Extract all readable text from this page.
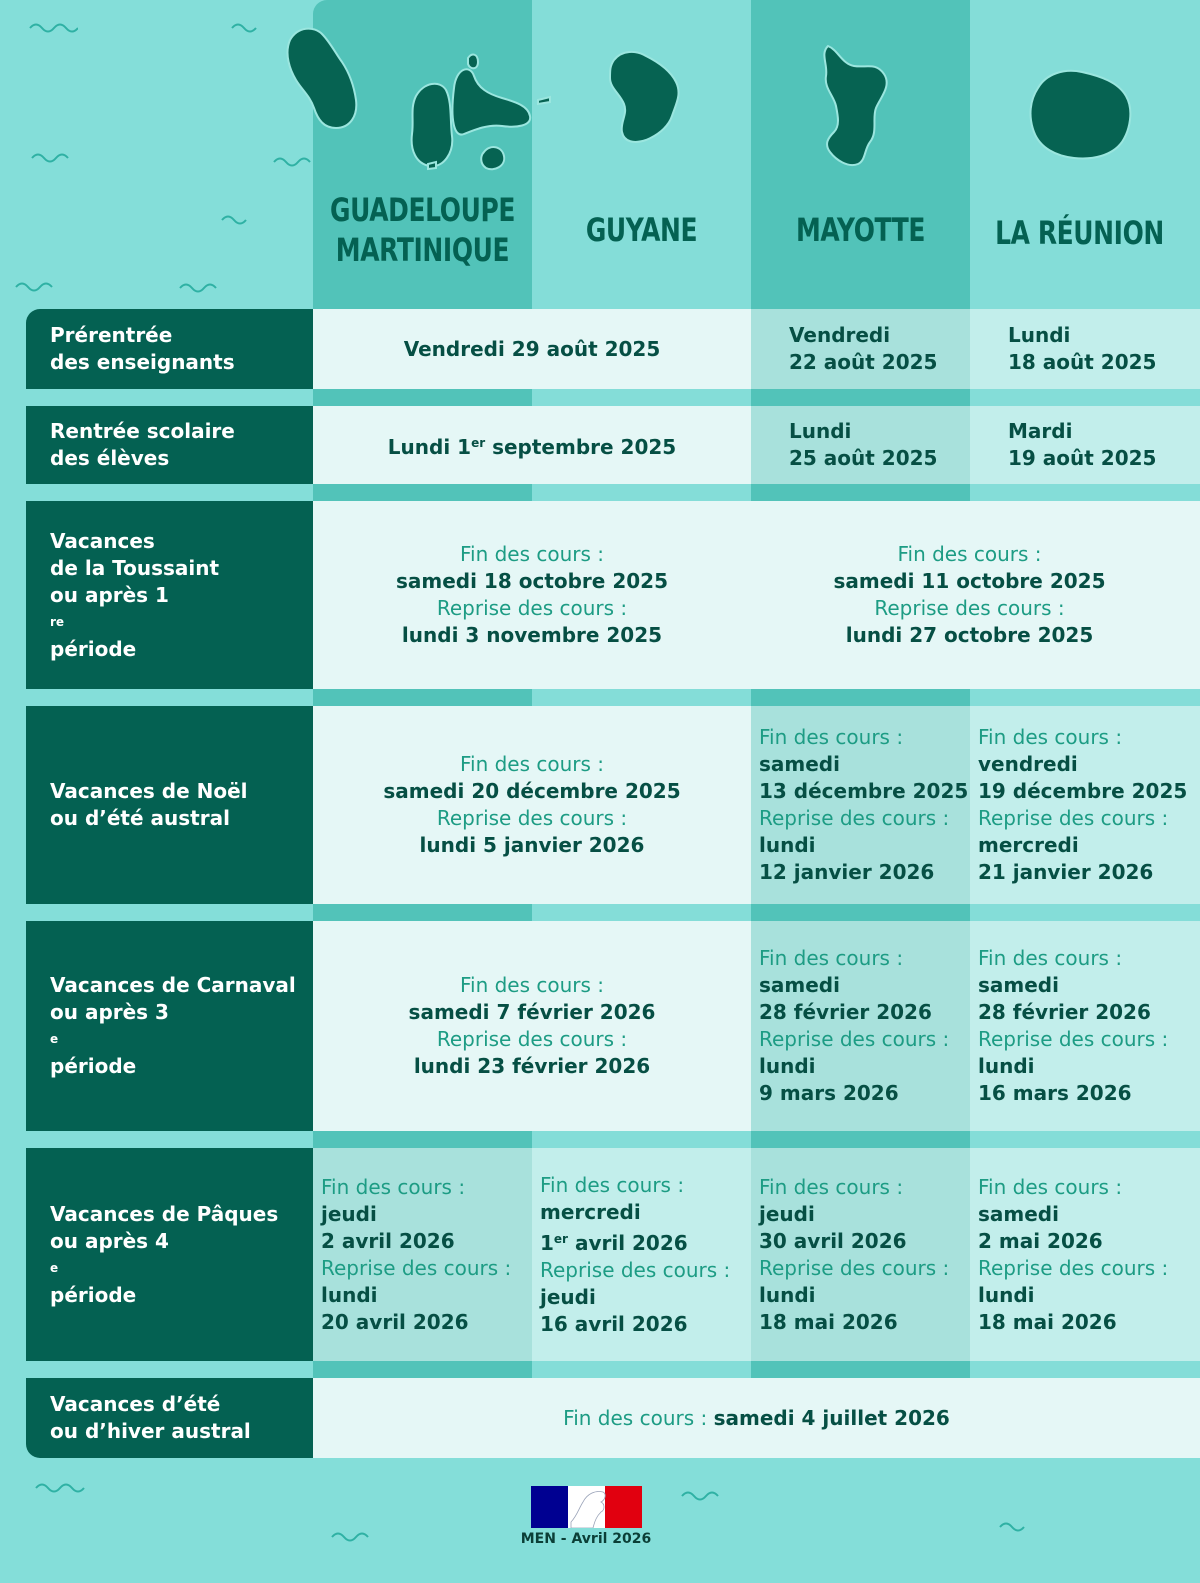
GUADELOUPE
MARTINIQUE
GUYANE	MAYOTTE LA RÉUNION
Prérentrée
des enseignants
Vendredi 29 août 2025
Vendredi
22 août 2025
Lundi
18 août 2025
Rentrée scolaire
des élèves	Lundi 1er septembre 2025
Lundi
25 août 2025
Mardi
19 août 2025
Vacances
de la Toussaint
ou après 1
re
période
Fin des cours :
samedi 18 octobre 2025
Reprise des cours :
lundi 3 novembre 2025
Fin des cours :
samedi 11 octobre 2025
Reprise des cours :
lundi 27 octobre 2025
Vacances de Noël
ou d’été austral
Fin des cours :
samedi 20 décembre 2025
Reprise des cours :
lundi 5 janvier 2026
Fin des cours :
samedi
13 décembre 2025
Reprise des cours :
lundi
12 janvier 2026
Fin des cours :
vendredi
19 décembre 2025
Reprise des cours :
mercredi
21 janvier 2026
Vacances de Carnaval
ou après 3
e
période
Fin des cours :
samedi 7 février 2026
Reprise des cours :
lundi 23 février 2026
Fin des cours :
samedi
28 février 2026
Reprise des cours :
lundi
9 mars 2026
Fin des cours :
samedi
28 février 2026
Reprise des cours :
lundi
16 mars 2026
Vacances de Pâques
ou après 4
e
période
Fin des cours :
jeudi
2 avril 2026
Reprise des cours :
lundi
20 avril 2026
Fin des cours :
mercredi
1er avril 2026
Reprise des cours :
jeudi
16 avril 2026
Fin des cours :
jeudi
30 avril 2026
Reprise des cours :
lundi
18 mai 2026
Fin des cours :
samedi
2 mai 2026
Reprise des cours :
lundi
18 mai 2026
Vacances d’été
ou d’hiver austral
Fin des cours : samedi 4 juillet 2026
MEN - Avril 2026
